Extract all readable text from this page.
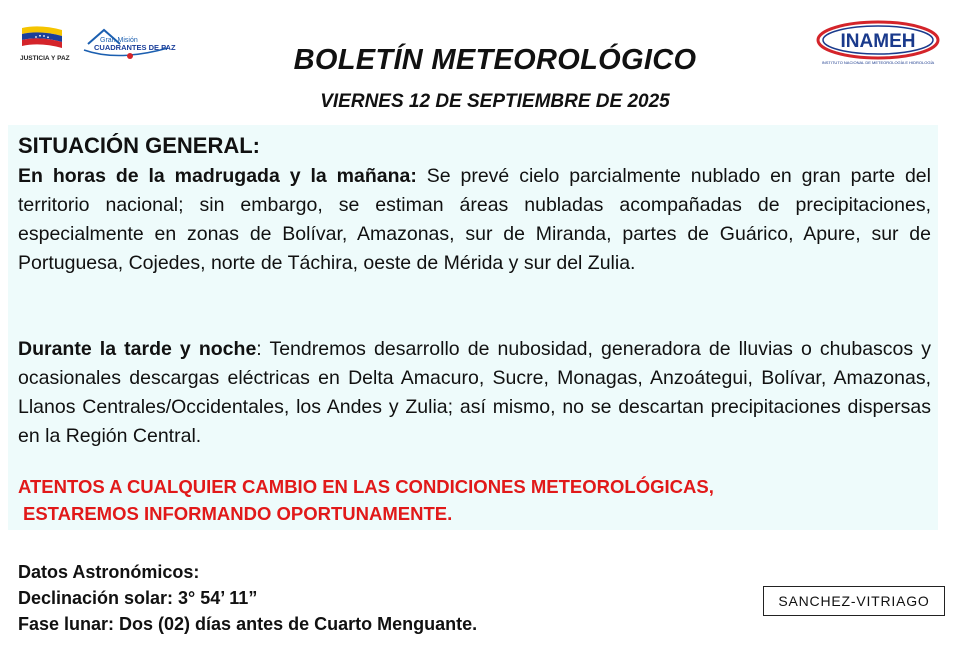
JUSTICIA Y PAZ
Gran Misión
CUADRANTES DE PAZ	INAMEH
INSTITUTO NACIONAL DE METEOROLOGÍA E HIDROLOGÍA
BOLETÍN METEOROLÓGICO
VIERNES 12 DE SEPTIEMBRE DE 2025
SITUACIÓN GENERAL:
En horas de la madrugada y la mañana: Se prevé cielo parcialmente nublado en gran parte del territorio nacional; sin embargo, se estiman áreas nubladas acompañadas de precipitaciones, especialmente en zonas de Bolívar, Amazonas, sur de Miranda, partes de Guárico, Apure, sur de Portuguesa, Cojedes, norte de Táchira, oeste de Mérida y sur del Zulia.
Durante la tarde y noche: Tendremos desarrollo de nubosidad, generadora de lluvias o chubascos y ocasionales descargas eléctricas en Delta Amacuro, Sucre, Monagas, Anzoátegui, Bolívar, Amazonas, Llanos Centrales/Occidentales, los Andes y Zulia; así mismo, no se descartan precipitaciones dispersas en la Región Central.
ATENTOS A CUALQUIER CAMBIO EN LAS CONDICIONES METEOROLÓGICAS,
ESTAREMOS INFORMANDO OPORTUNAMENTE.
Datos Astronómicos:
Declinación solar: 3° 54’ 11”
Fase lunar: Dos (02) días antes de Cuarto Menguante.
SANCHEZ-VITRIAGO
